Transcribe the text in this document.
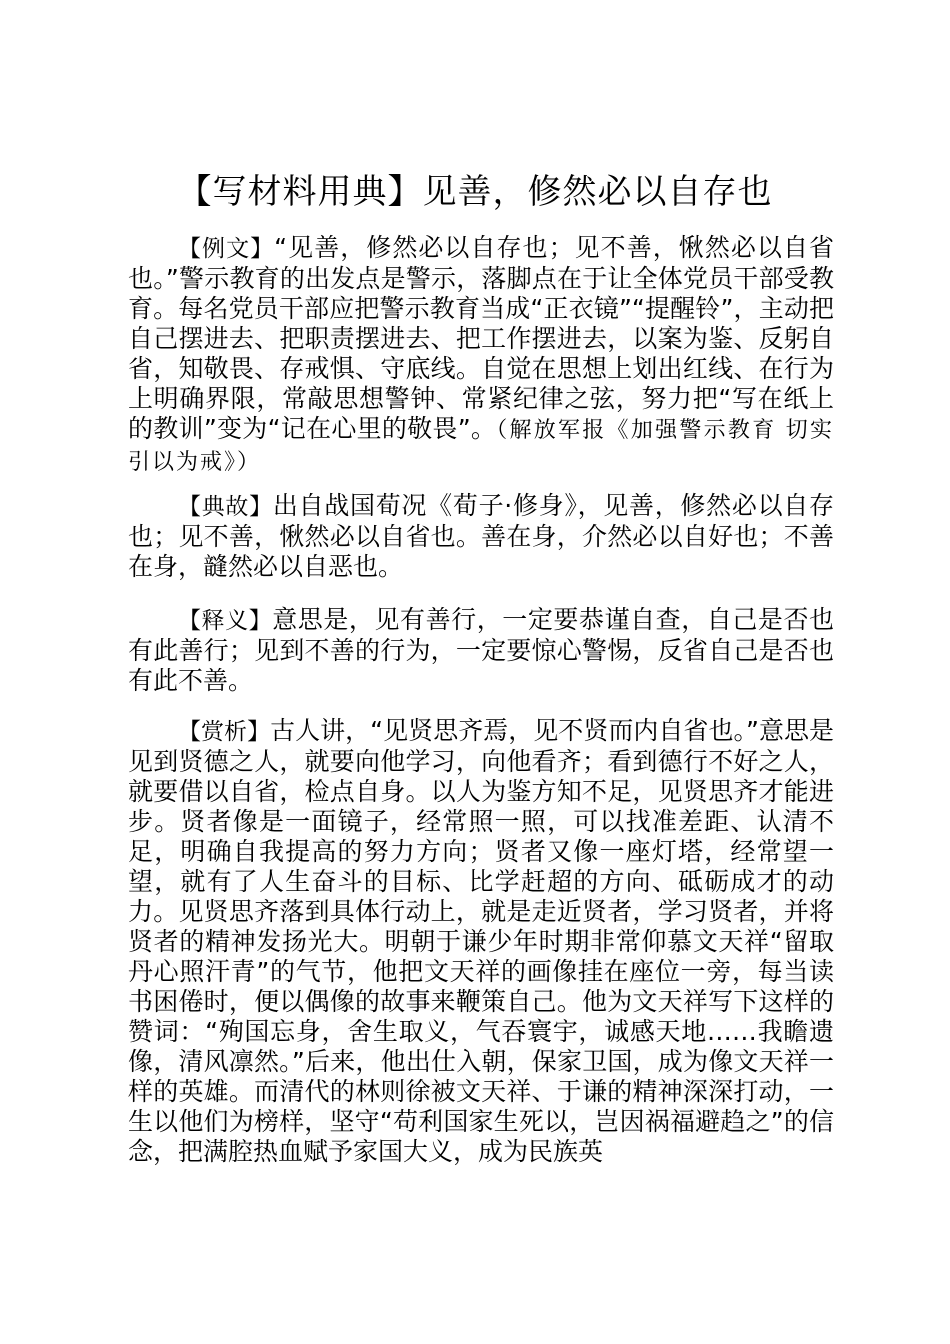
【写材料用典】见善，修然必以自存也

【例文】“见善，修然必以自存也；见不善，愀然必以自省也。”警示教育的出发点是警示，落脚点在于让全体党员干部受教育。每名党员干部应把警示教育当成“正衣镜”“提醒铃”，主动把自己摆进去、把职责摆进去、把工作摆进去，以案为鉴、反躬自省，知敬畏、存戒惧、守底线。自觉在思想上划出红线、在行为上明确界限，常敲思想警钟、常紧纪律之弦，努力把“写在纸上的教训”变为“记在心里的敬畏”。（解放军报《加强警示教育 切实引以为戒》）

【典故】出自战国荀况《荀子·修身》，见善，修然必以自存也；见不善，愀然必以自省也。善在身，介然必以自好也；不善在身，韼然必以自恶也。

【释义】意思是，见有善行，一定要恭谨自查，自己是否也有此善行；见到不善的行为，一定要惊心警惕，反省自己是否也有此不善。

【赏析】古人讲，“见贤思齐焉，见不贤而内自省也。”意思是见到贤德之人，就要向他学习，向他看齐；看到德行不好之人，就要借以自省，检点自身。以人为鉴方知不足，见贤思齐才能进步。贤者像是一面镜子，经常照一照，可以找准差距、认清不足，明确自我提高的努力方向；贤者又像一座灯塔，经常望一望，就有了人生奋斗的目标、比学赶超的方向、砥砺成才的动力。见贤思齐落到具体行动上，就是走近贤者，学习贤者，并将贤者的精神发扬光大。明朝于谦少年时期非常仰慕文天祥“留取丹心照汗青”的气节，他把文天祥的画像挂在座位一旁，每当读书困倦时，便以偶像的故事来鞭策自己。他为文天祥写下这样的赞词：“殉国忘身，舍生取义，气吞寰宇，诚感天地……我瞻遗像，清风凛然。”后来，他出仕入朝，保家卫国，成为像文天祥一样的英雄。而清代的林则徐被文天祥、于谦的精神深深打动，一生以他们为榜样，坚守“苟利国家生死以，岂因祸福避趋之”的信念，把满腔热血赋予家国大义，成为民族英
